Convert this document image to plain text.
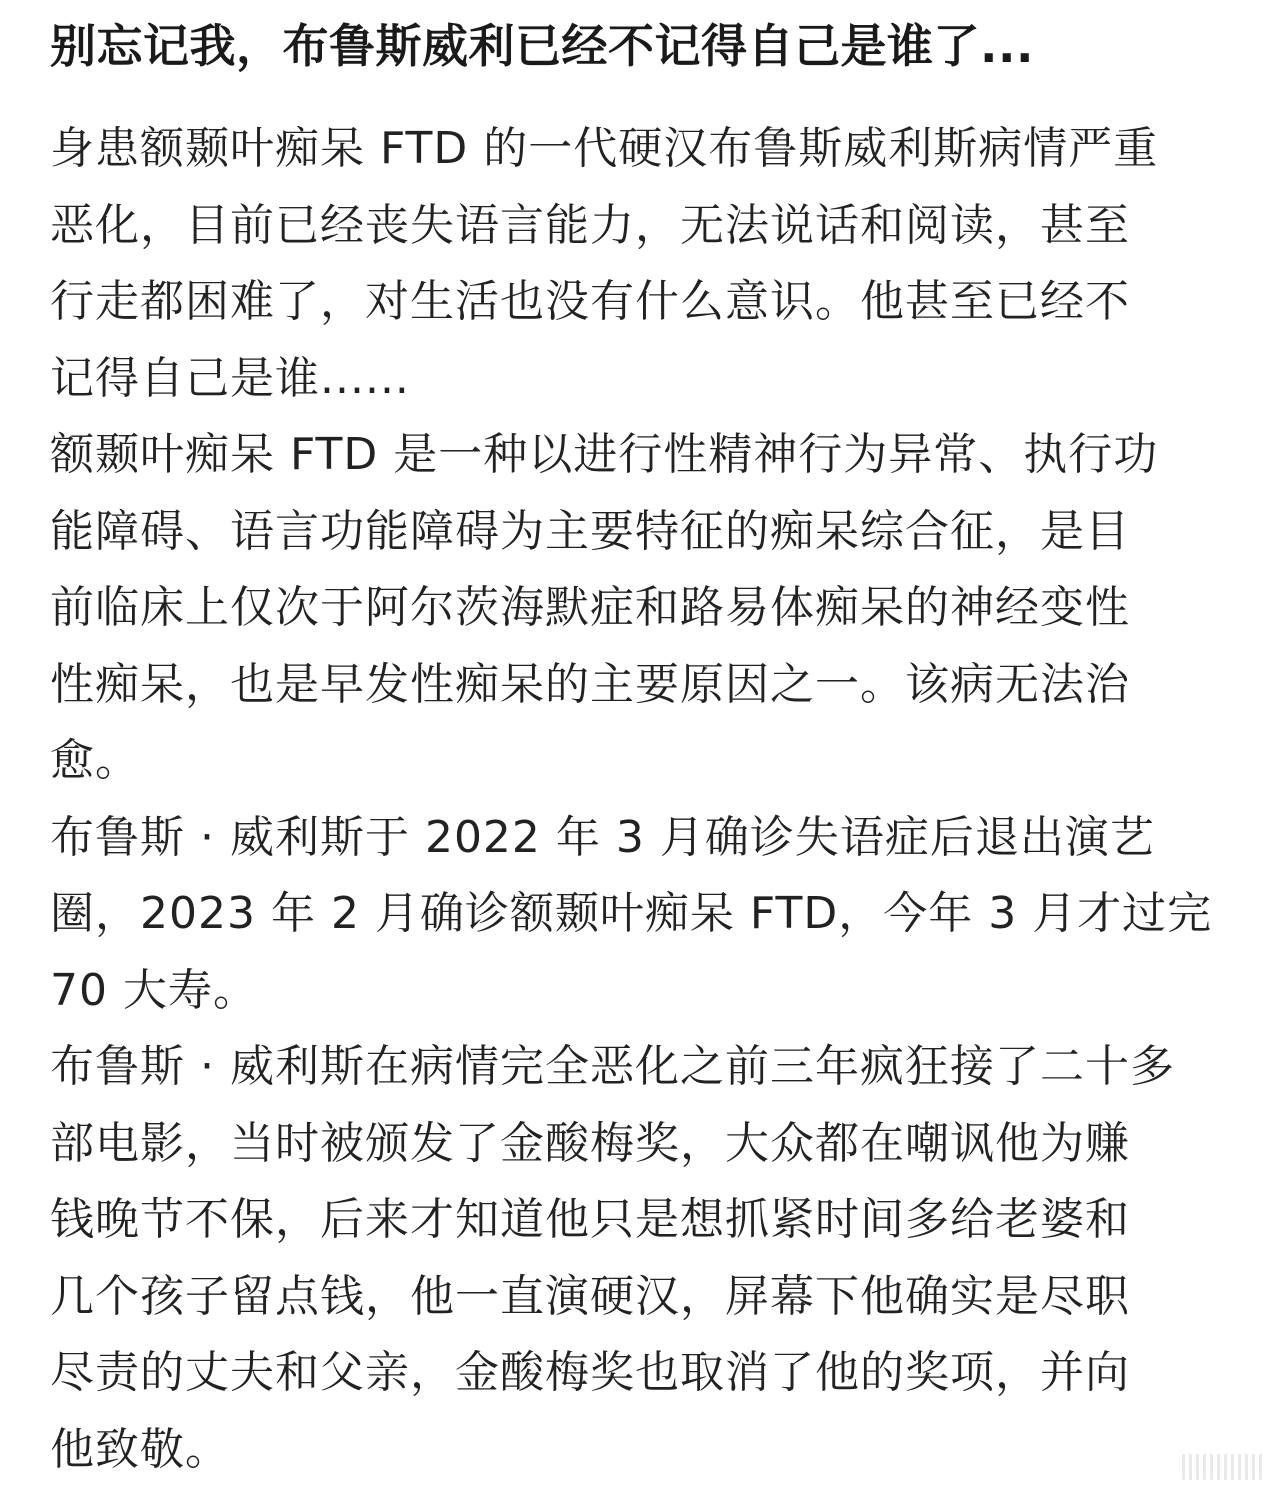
别忘记我，布鲁斯威利已经不记得自己是谁了...

身患额颞叶痴呆 FTD 的一代硬汉布鲁斯威利斯病情严重
恶化，目前已经丧失语言能力，无法说话和阅读，甚至
行走都困难了，对生活也没有什么意识。他甚至已经不
记得自己是谁......

额颞叶痴呆 FTD 是一种以进行性精神行为异常、执行功
能障碍、语言功能障碍为主要特征的痴呆综合征，是目
前临床上仅次于阿尔茨海默症和路易体痴呆的神经变性
性痴呆，也是早发性痴呆的主要原因之一。该病无法治
愈。

布鲁斯 · 威利斯于 2022 年 3 月确诊失语症后退出演艺
圈，2023 年 2 月确诊额颞叶痴呆 FTD，今年 3 月才过完
70 大寿。

布鲁斯 · 威利斯在病情完全恶化之前三年疯狂接了二十多
部电影，当时被颁发了金酸梅奖，大众都在嘲讽他为赚
钱晚节不保，后来才知道他只是想抓紧时间多给老婆和
几个孩子留点钱，他一直演硬汉，屏幕下他确实是尽职
尽责的丈夫和父亲，金酸梅奖也取消了他的奖项，并向
他致敬。
